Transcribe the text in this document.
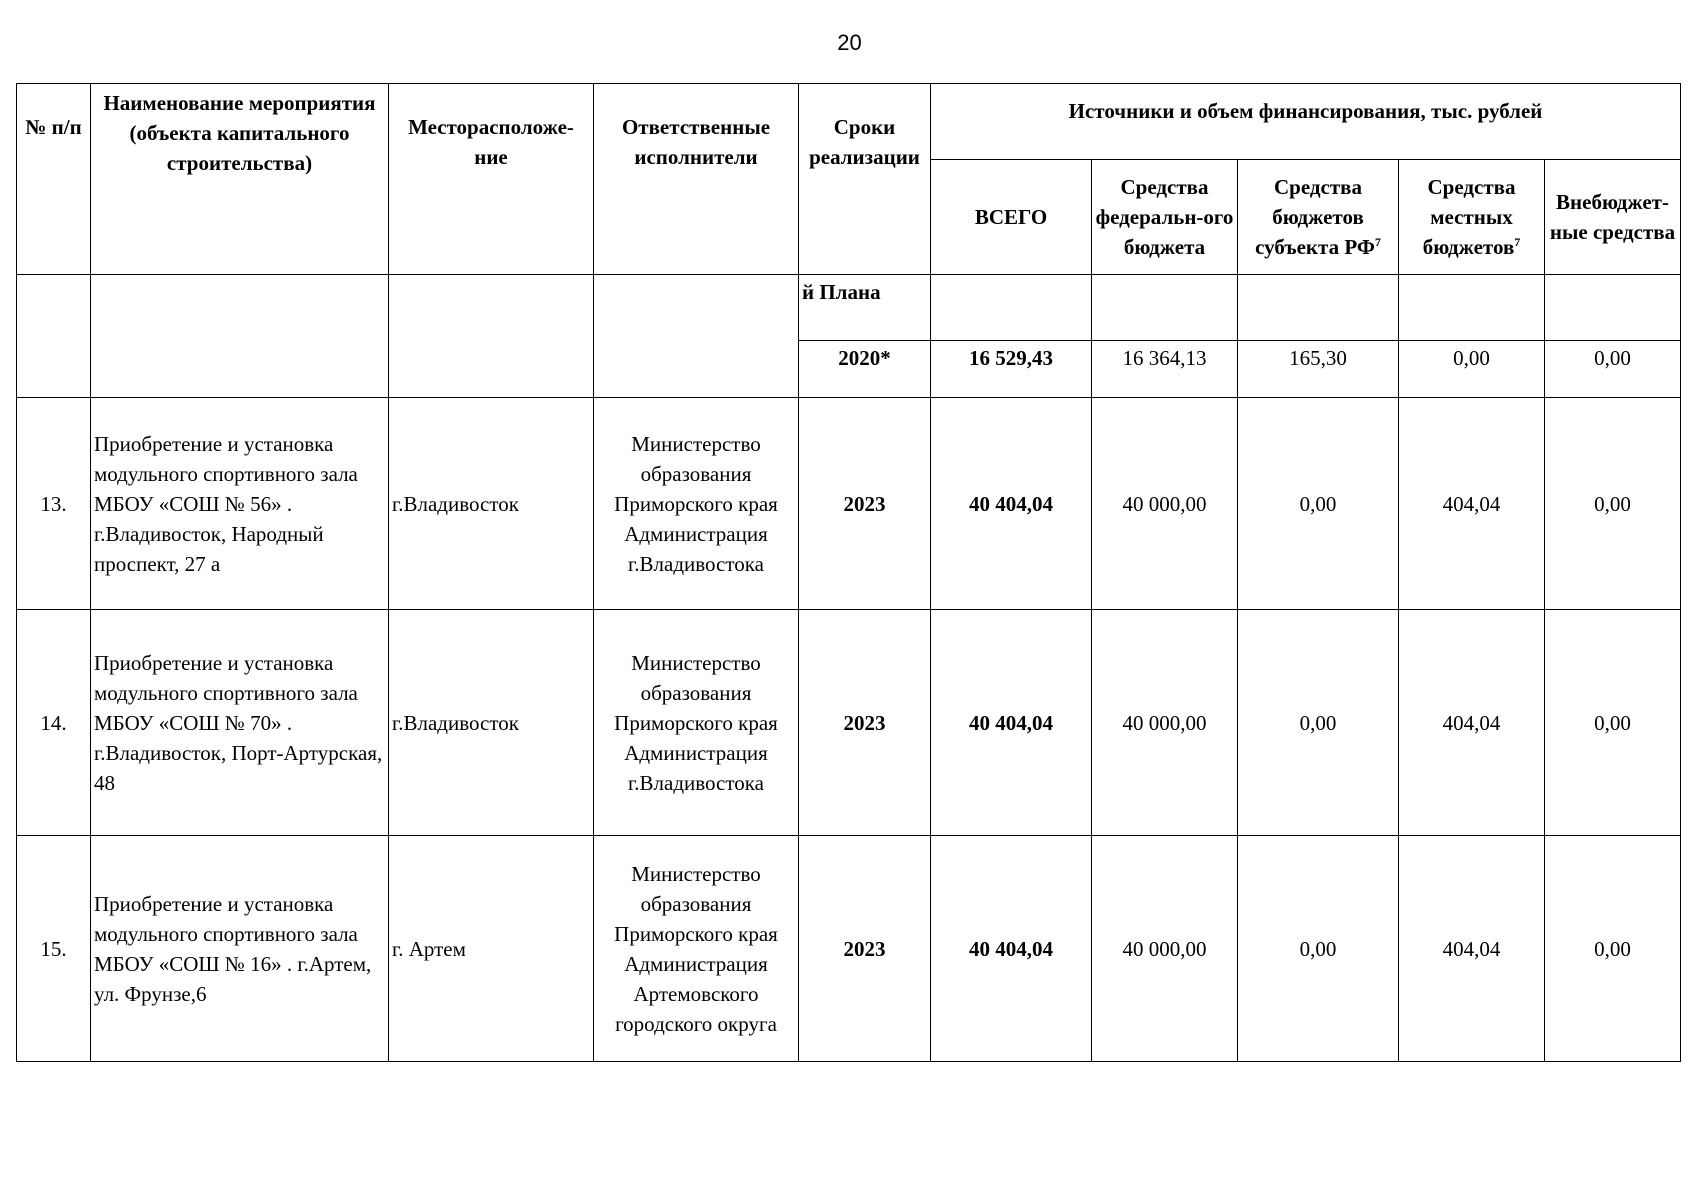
20
№ п/п	Наименование мероприятия (объекта капитального строительства)	Месторасположе-ние	Ответственные исполнители	Сроки реализации	Источники и объем финансирования, тыс. рублей				
					ВСЕГО	Средства федеральн-ого бюджета	Средства бюджетов субъекта $РФ^7$	Средства местных бюджетов$^7$	Внебюджет-ные средства
				й Плана					
				2020*	16 529,43	16 364,13	165,30	0,00	0,00
13.	Приобретение и установка модульного спортивного зала МБОУ «СОШ № 56» . г.Владивосток, Народный проспект, 27 а	г.Владивосток	Министерство образования Приморского края Администрация г.Владивостока	2023	40 404,04	40 000,00	0,00	404,04	0,00
14.	Приобретение и установка модульного спортивного зала МБОУ «СОШ № 70» . г.Владивосток, Порт-Артурская, 48	г.Владивосток	Министерство образования Приморского края Администрация г.Владивостока	2023	40 404,04	40 000,00	0,00	404,04	0,00
15.	Приобретение и установка модульного спортивного зала МБОУ «СОШ № 16» . г.Артем, ул. Фрунзе,6	г. Артем	Министерство образования Приморского края Администрация Артемовского городского округа	2023	40 404,04	40 000,00	0,00	404,04	0,00
